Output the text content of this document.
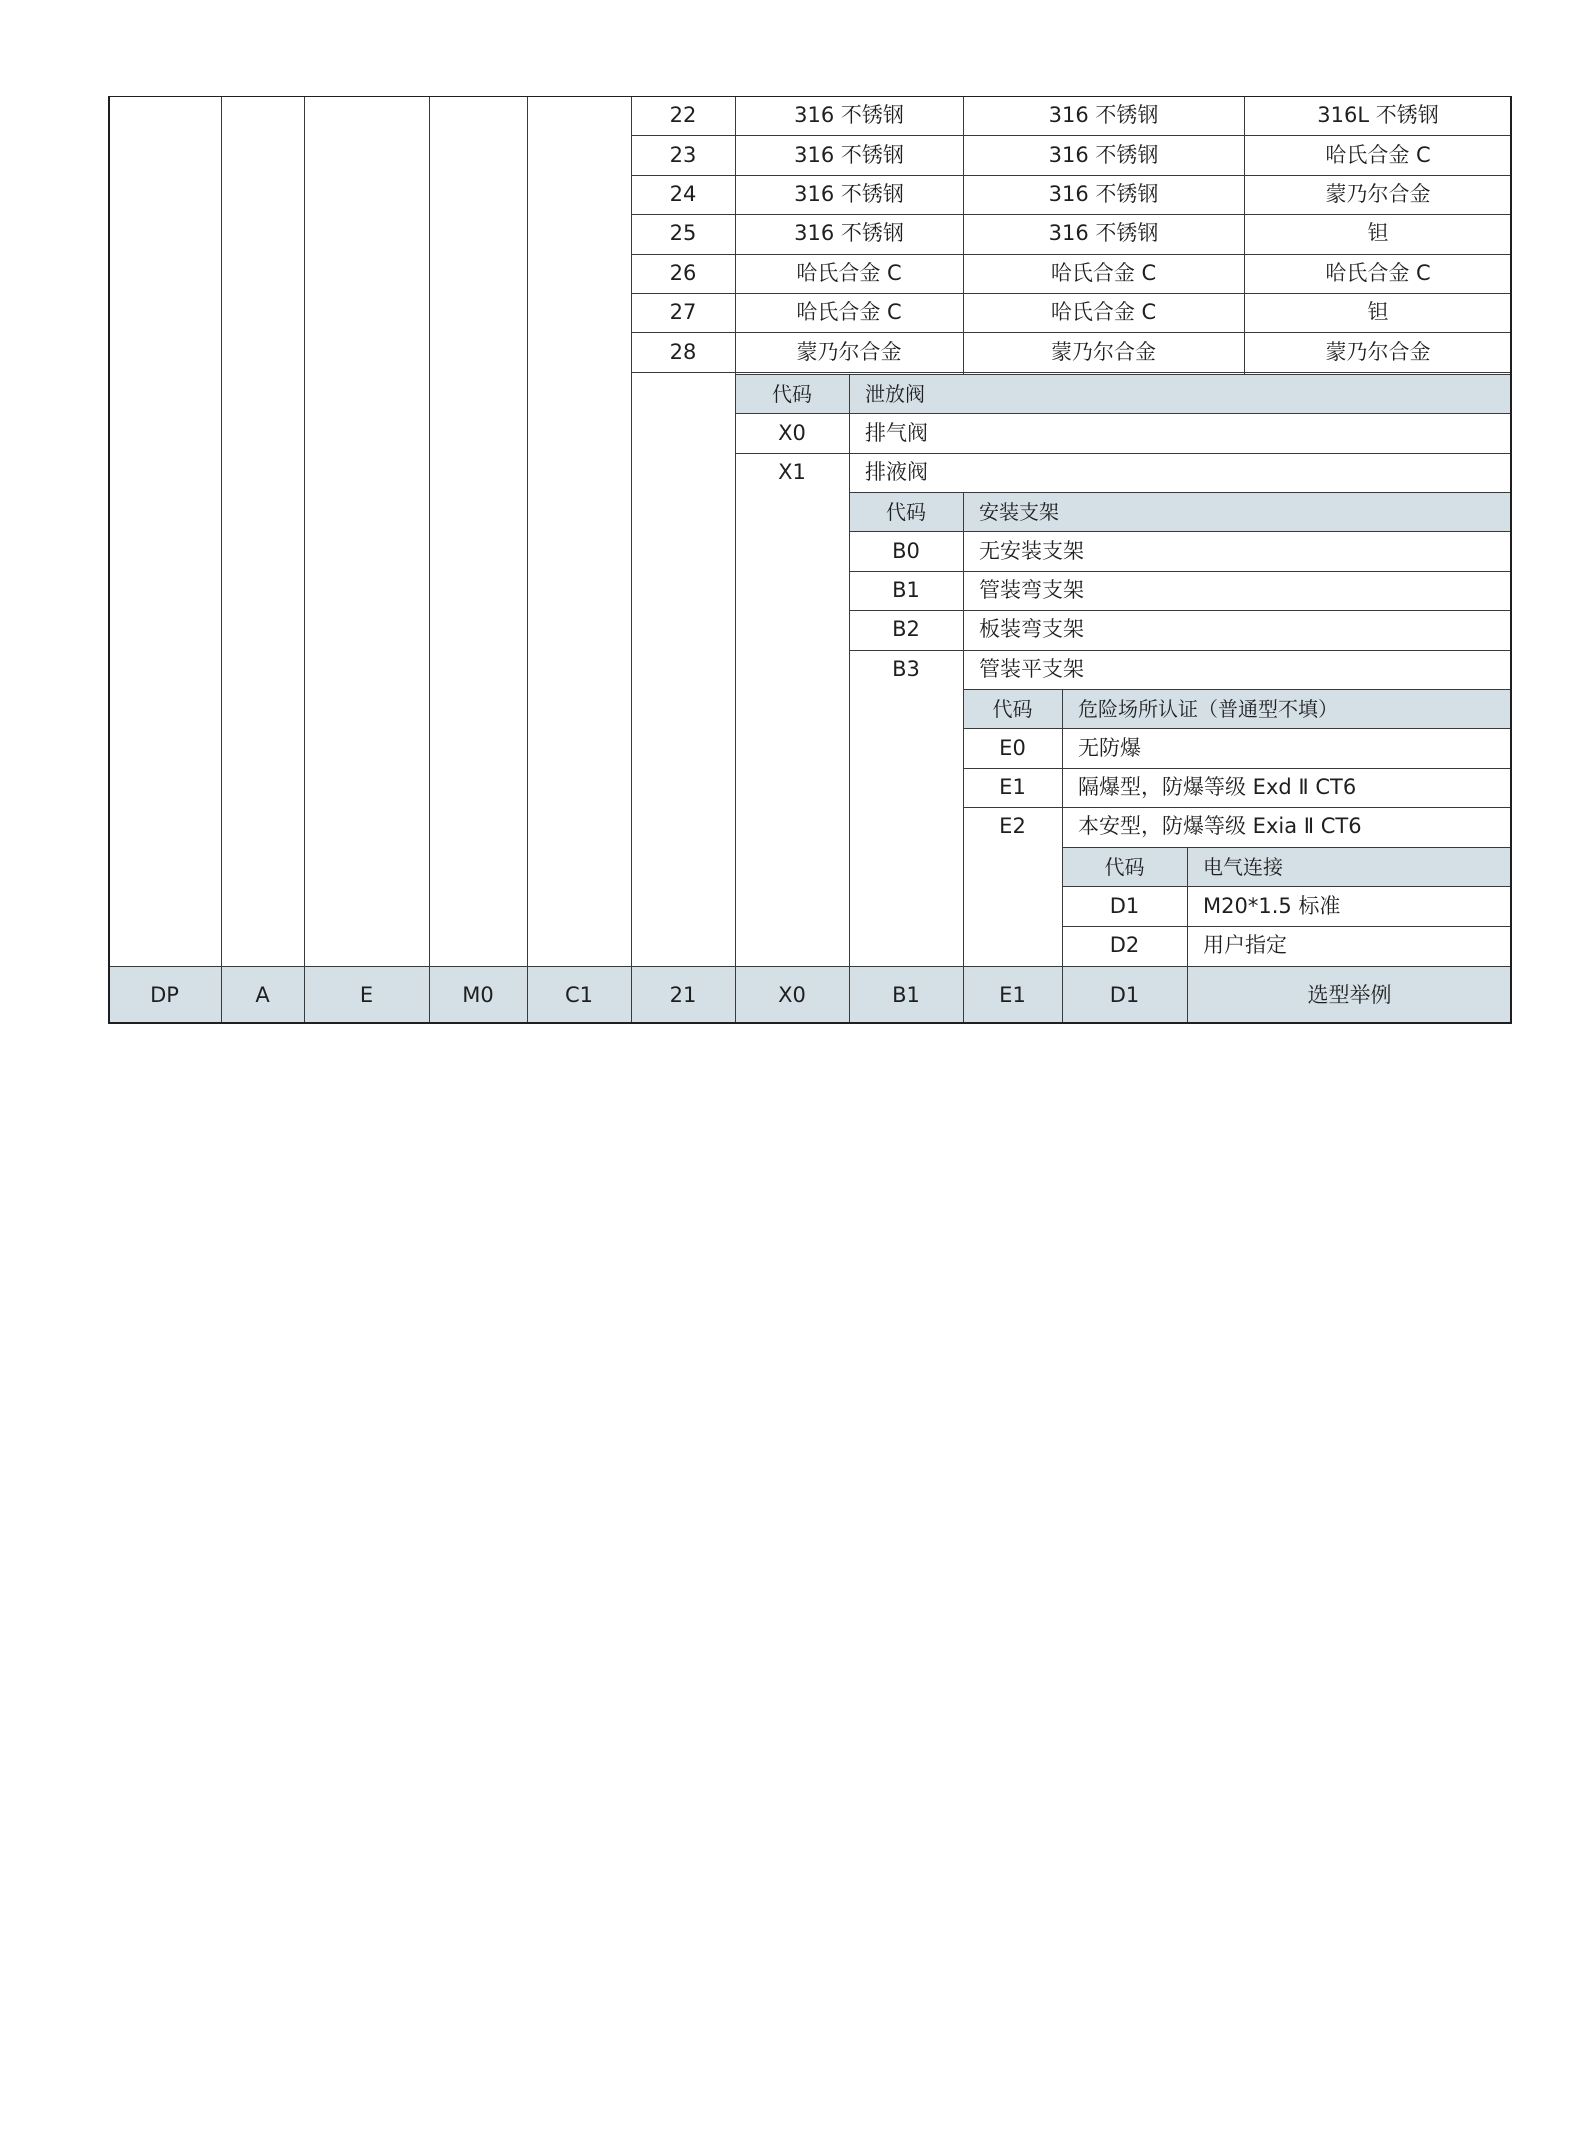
22	316 不锈钢	316 不锈钢	316L 不锈钢
23	316 不锈钢	316 不锈钢	哈氏合金 C
24	316 不锈钢	316 不锈钢	蒙乃尔合金
25	316 不锈钢	316 不锈钢	钽
26	哈氏合金 C	哈氏合金 C	哈氏合金 C
27	哈氏合金 C	哈氏合金 C	钽
28	蒙乃尔合金	蒙乃尔合金	蒙乃尔合金
代码	泄放阀
X0	排气阀
X1	排液阀
代码	安装支架
B0	无安装支架
B1	管装弯支架
B2	板装弯支架
B3	管装平支架
代码	危险场所认证（普通型不填）
E0	无防爆
E1	隔爆型，防爆等级 Exd Ⅱ CT6
E2	本安型，防爆等级 Exia Ⅱ CT6
代码	电气连接
D1	M20*1.5 标准
D2	用户指定
DP	A	E	M0	C1	21	X0	B1	E1	D1	选型举例
